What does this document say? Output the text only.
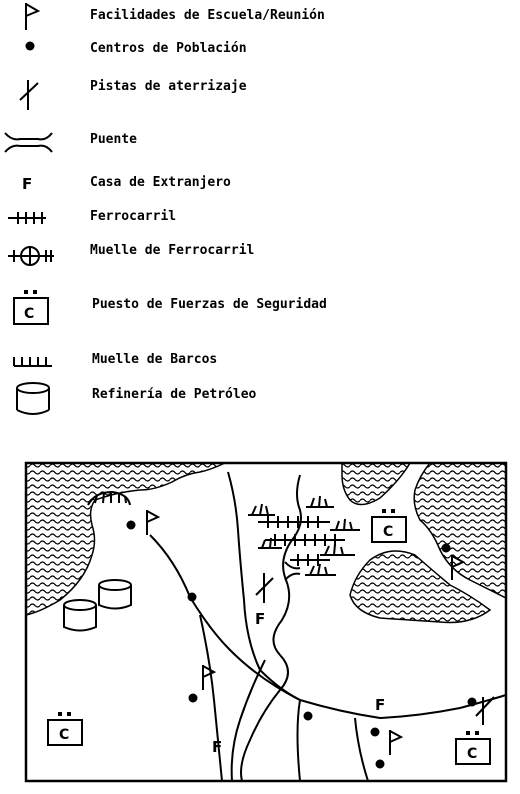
Facilidades de Escuela/Reunión
Centros de Población
Pistas de aterrizaje
Puente
F	Casa de Extranjero
Ferrocarril
Muelle de Ferrocarril
C
Puesto de Fuerzas de Seguridad
Muelle de Barcos
Refinería de Petróleo
F
F
F
C
C
C
